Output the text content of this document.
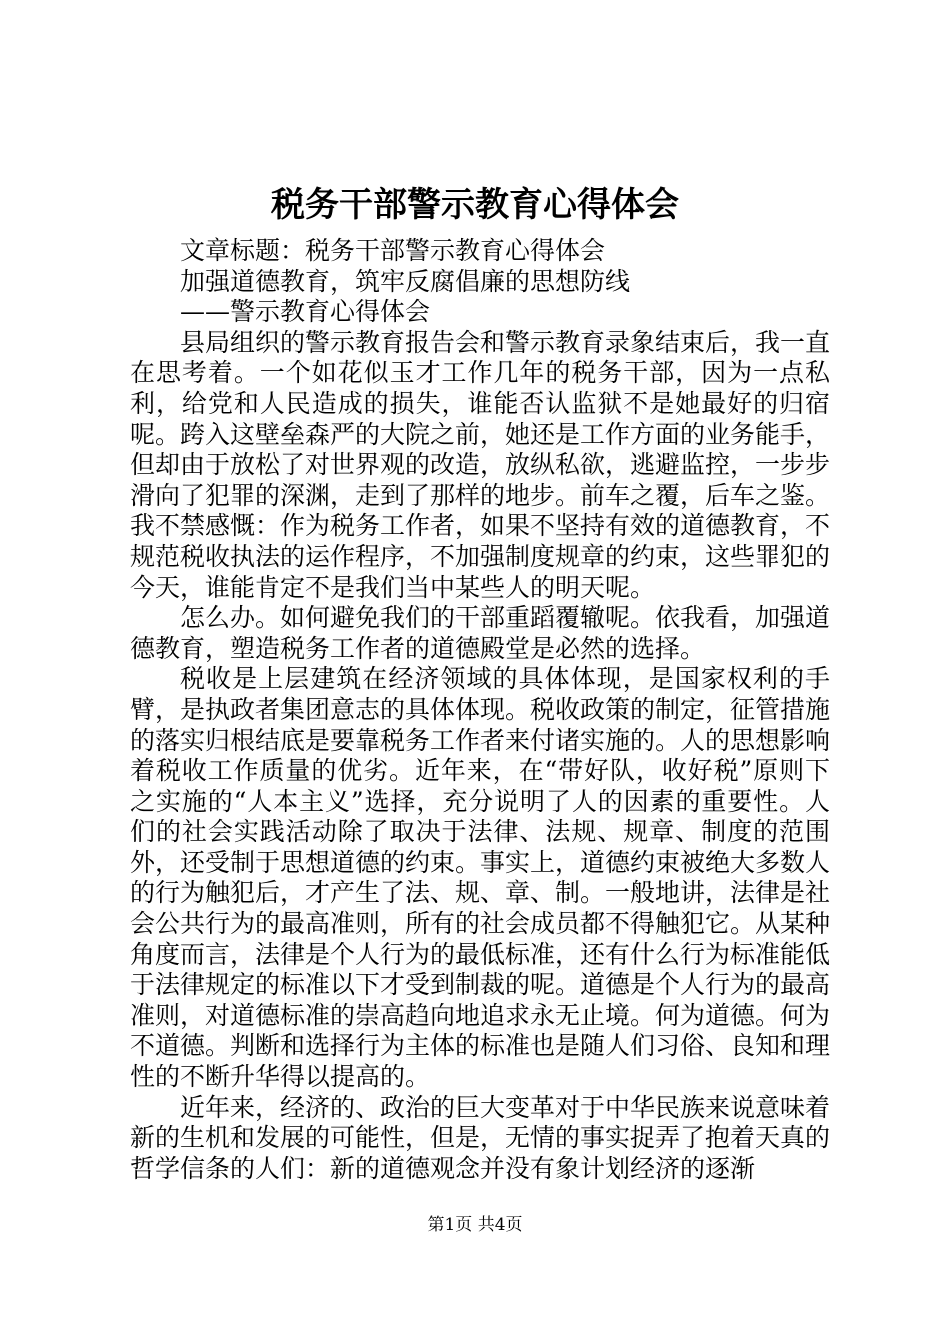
税务干部警示教育心得体会

文章标题：税务干部警示教育心得体会

加强道德教育，筑牢反腐倡廉的思想防线

——警示教育心得体会

县局组织的警示教育报告会和警示教育录象结束后，我一直在思考着。一个如花似玉才工作几年的税务干部，因为一点私利，给党和人民造成的损失，谁能否认监狱不是她最好的归宿呢。跨入这壁垒森严的大院之前，她还是工作方面的业务能手，但却由于放松了对世界观的改造，放纵私欲，逃避监控，一步步滑向了犯罪的深渊，走到了那样的地步。前车之覆，后车之鉴。我不禁感慨：作为税务工作者，如果不坚持有效的道德教育，不规范税收执法的运作程序，不加强制度规章的约束，这些罪犯的今天，谁能肯定不是我们当中某些人的明天呢。

怎么办。如何避免我们的干部重蹈覆辙呢。依我看，加强道德教育，塑造税务工作者的道德殿堂是必然的选择。

税收是上层建筑在经济领域的具体体现，是国家权利的手臂，是执政者集团意志的具体体现。税收政策的制定，征管措施的落实归根结底是要靠税务工作者来付诸实施的。人的思想影响着税收工作质量的优劣。近年来，在“带好队，收好税”原则下之实施的“人本主义”选择，充分说明了人的因素的重要性。人们的社会实践活动除了取决于法律、法规、规章、制度的范围外，还受制于思想道德的约束。事实上，道德约束被绝大多数人的行为触犯后，才产生了法、规、章、制。一般地讲，法律是社会公共行为的最高准则，所有的社会成员都不得触犯它。从某种角度而言，法律是个人行为的最低标准，还有什么行为标准能低于法律规定的标准以下才受到制裁的呢。道德是个人行为的最高准则，对道德标准的崇高趋向地追求永无止境。何为道德。何为不道德。判断和选择行为主体的标准也是随人们习俗、良知和理性的不断升华得以提高的。

近年来，经济的、政治的巨大变革对于中华民族来说意味着新的生机和发展的可能性，但是，无情的事实捉弄了抱着天真的哲学信条的人们：新的道德观念并没有象计划经济的逐渐

第1页 共4页
